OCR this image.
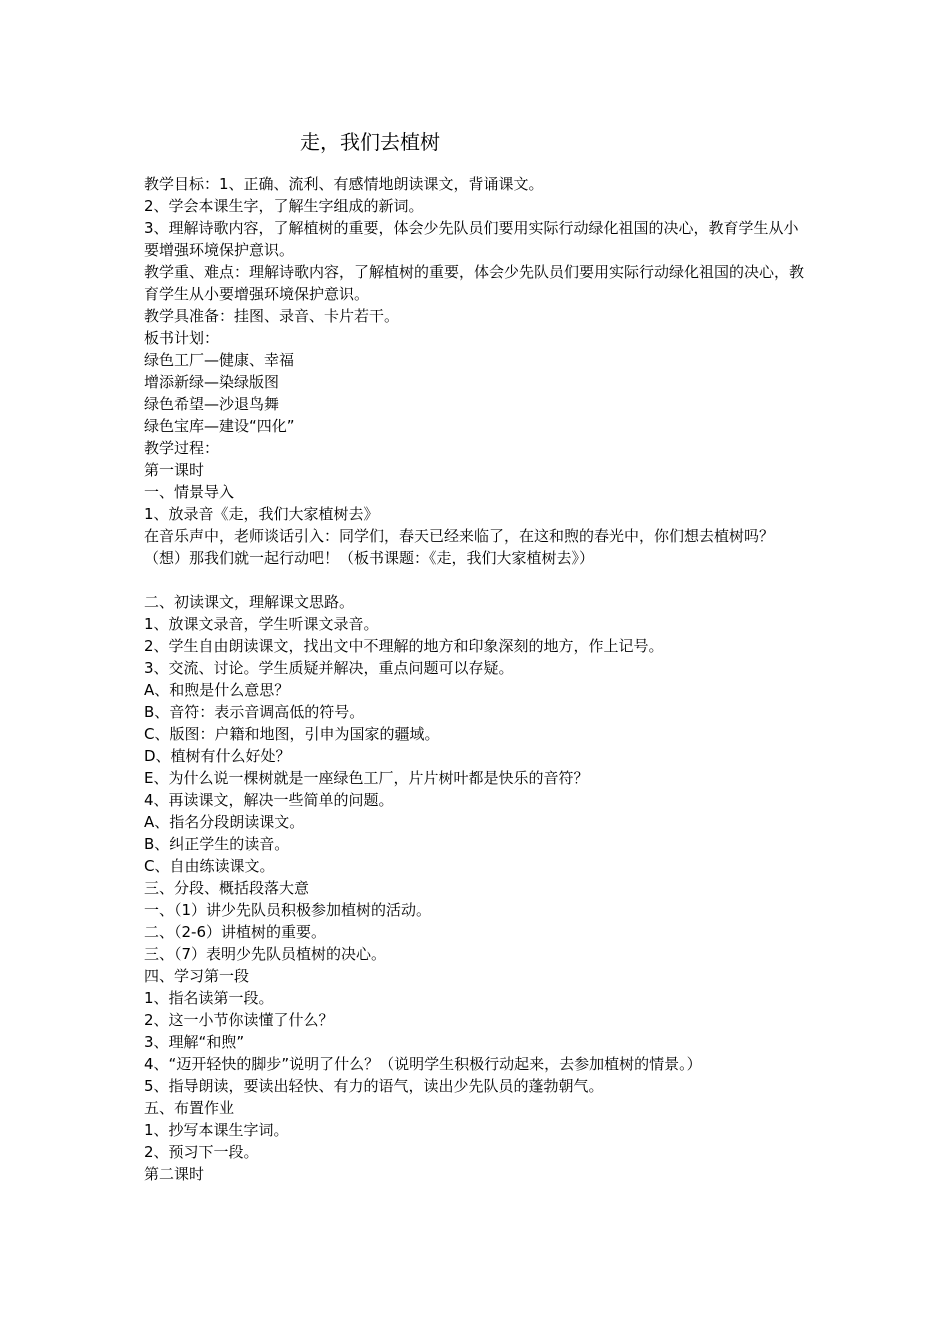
走，我们去植树

教学目标：1、正确、流利、有感情地朗读课文，背诵课文。

2、学会本课生字，了解生字组成的新词。

3、理解诗歌内容，了解植树的重要，体会少先队员们要用实际行动绿化祖国的决心，教育学生从小要增强环境保护意识。

教学重、难点：理解诗歌内容，了解植树的重要，体会少先队员们要用实际行动绿化祖国的决心，教育学生从小要增强环境保护意识。

教学具准备：挂图、录音、卡片若干。

板书计划：

绿色工厂—健康、幸福

增添新绿—染绿版图

绿色希望—沙退鸟舞

绿色宝库—建设“四化”

教学过程：

第一课时

一、情景导入

1、放录音《走，我们大家植树去》

在音乐声中，老师谈话引入：同学们，春天已经来临了，在这和煦的春光中，你们想去植树吗？（想）那我们就一起行动吧！（板书课题：《走，我们大家植树去》）

二、初读课文，理解课文思路。

1、放课文录音，学生听课文录音。

2、学生自由朗读课文，找出文中不理解的地方和印象深刻的地方，作上记号。

3、交流、讨论。学生质疑并解决，重点问题可以存疑。

A、和煦是什么意思？

B、音符：表示音调高低的符号。

C、版图：户籍和地图，引申为国家的疆域。

D、植树有什么好处？

E、为什么说一棵树就是一座绿色工厂，片片树叶都是快乐的音符？

4、再读课文，解决一些简单的问题。

A、指名分段朗读课文。

B、纠正学生的读音。

C、自由练读课文。

三、分段、概括段落大意

一、（1）讲少先队员积极参加植树的活动。

二、（2-6）讲植树的重要。

三、（7）表明少先队员植树的决心。

四、学习第一段

1、指名读第一段。

2、这一小节你读懂了什么？

3、理解“和煦”

4、“迈开轻快的脚步”说明了什么？（说明学生积极行动起来，去参加植树的情景。）

5、指导朗读，要读出轻快、有力的语气，读出少先队员的蓬勃朝气。

五、布置作业

1、抄写本课生字词。

2、预习下一段。

第二课时
